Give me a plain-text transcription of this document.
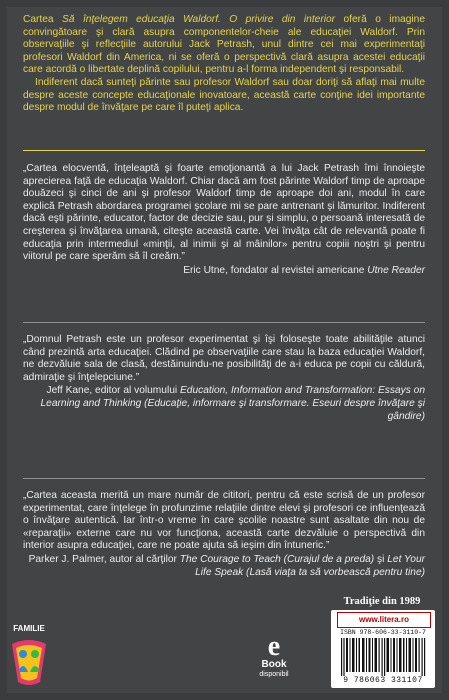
Cartea Să înţelegem educaţia Waldorf. O privire din interior oferă o imagine convingătoare şi clară asupra componentelor-cheie ale educaţiei Waldorf. Prin observaţiile şi reflecţiile autorului Jack Petrash, unul dintre cei mai experimentaţi profesori Waldorf din America, ni se oferă o perspectivă clară asupra acestei educaţii care acordă o libertate deplină copilului, pentru a-l forma independent şi responsabil.

Indiferent dacă sunteţi părinte sau profesor Waldorf sau doar doriţi să aflaţi mai multe despre aceste concepte educaţionale inovatoare, această carte conţine idei importante despre modul de învăţare pe care îl puteţi aplica.

„Cartea elocventă, înţeleaptă şi foarte emoţionantă a lui Jack Petrash îmi înnoieşte aprecierea faţă de educaţia Waldorf. Chiar dacă am fost părinte Waldorf timp de aproape douăzeci şi cinci de ani şi profesor Waldorf timp de aproape doi ani, modul în care explică Petrash abordarea programei şcolare mi se pare antrenant şi lămuritor. Indiferent dacă eşti părinte, educator, factor de decizie sau, pur şi simplu, o persoană interesată de creşterea şi învăţarea umană, citeşte această carte. Vei învăţa cât de relevantă poate fi educaţia prin intermediul «minţii, al inimii şi al mâinilor» pentru copiii noştri şi pentru viitorul pe care sperăm să îl creăm.”

Eric Utne, fondator al revistei americane Utne Reader

„Domnul Petrash este un profesor experimentat şi îşi foloseşte toate abilităţile atunci când prezintă arta educaţiei. Clădind pe observaţiile care stau la baza educaţiei Waldorf, ne dezvăluie sala de clasă, destăinuindu-ne posibilităţi de a-i educa pe copii cu căldură, admiraţie şi înţelepciune.”

Jeff Kane, editor al volumului Education, Information and Transformation: Essays on Learning and Thinking (Educaţie, informare şi transformare. Eseuri despre învăţare şi gândire)

„Cartea aceasta merită un mare număr de cititori, pentru că este scrisă de un profesor experimentat, care înţelege în profunzime relaţiile dintre elevi şi profesori ce influenţează o învăţare autentică. Iar într-o vreme în care şcolile noastre sunt asaltate din nou de «reparaţii» externe care nu vor funcţiona, această carte dezvăluie o perspectivă din interior asupra educaţiei, care ne poate ajuta să ieşim din întuneric.”

Parker J. Palmer, autor al cărţilor The Courage to Teach (Curajul de a preda) şi Let Your Life Speak (Lasă viaţa ta să vorbească pentru tine)
FAMILIE
e
Book
disponibil
Tradiţie din 1989
www.litera.ro
ISBN 978-606-33-3110-7
9 786063 331107
